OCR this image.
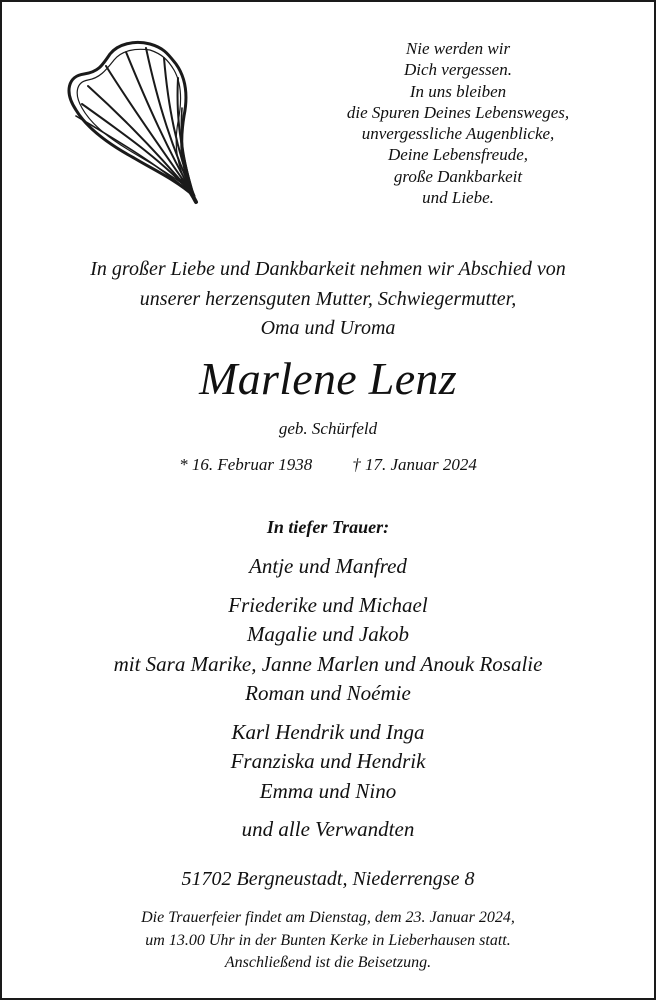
Nie werden wir
Dich vergessen.
In uns bleiben
die Spuren Deines Lebensweges,
unvergessliche Augenblicke,
Deine Lebensfreude,
große Dankbarkeit
und Liebe.
In großer Liebe und Dankbarkeit nehmen wir Abschied von
unserer herzensguten Mutter, Schwiegermutter,
Oma und Uroma
Marlene Lenz
geb. Schürfeld
* 16. Februar 1938 † 17. Januar 2024
In tiefer Trauer:
Antje und Manfred
Friederike und Michael
Magalie und Jakob
mit Sara Marike, Janne Marlen und Anouk Rosalie
Roman und Noémie
Karl Hendrik und Inga
Franziska und Hendrik
Emma und Nino
und alle Verwandten
51702 Bergneustadt, Niederrengse 8
Die Trauerfeier findet am Dienstag, dem 23. Januar 2024,
um 13.00 Uhr in der Bunten Kerke in Lieberhausen statt.
Anschließend ist die Beisetzung.
